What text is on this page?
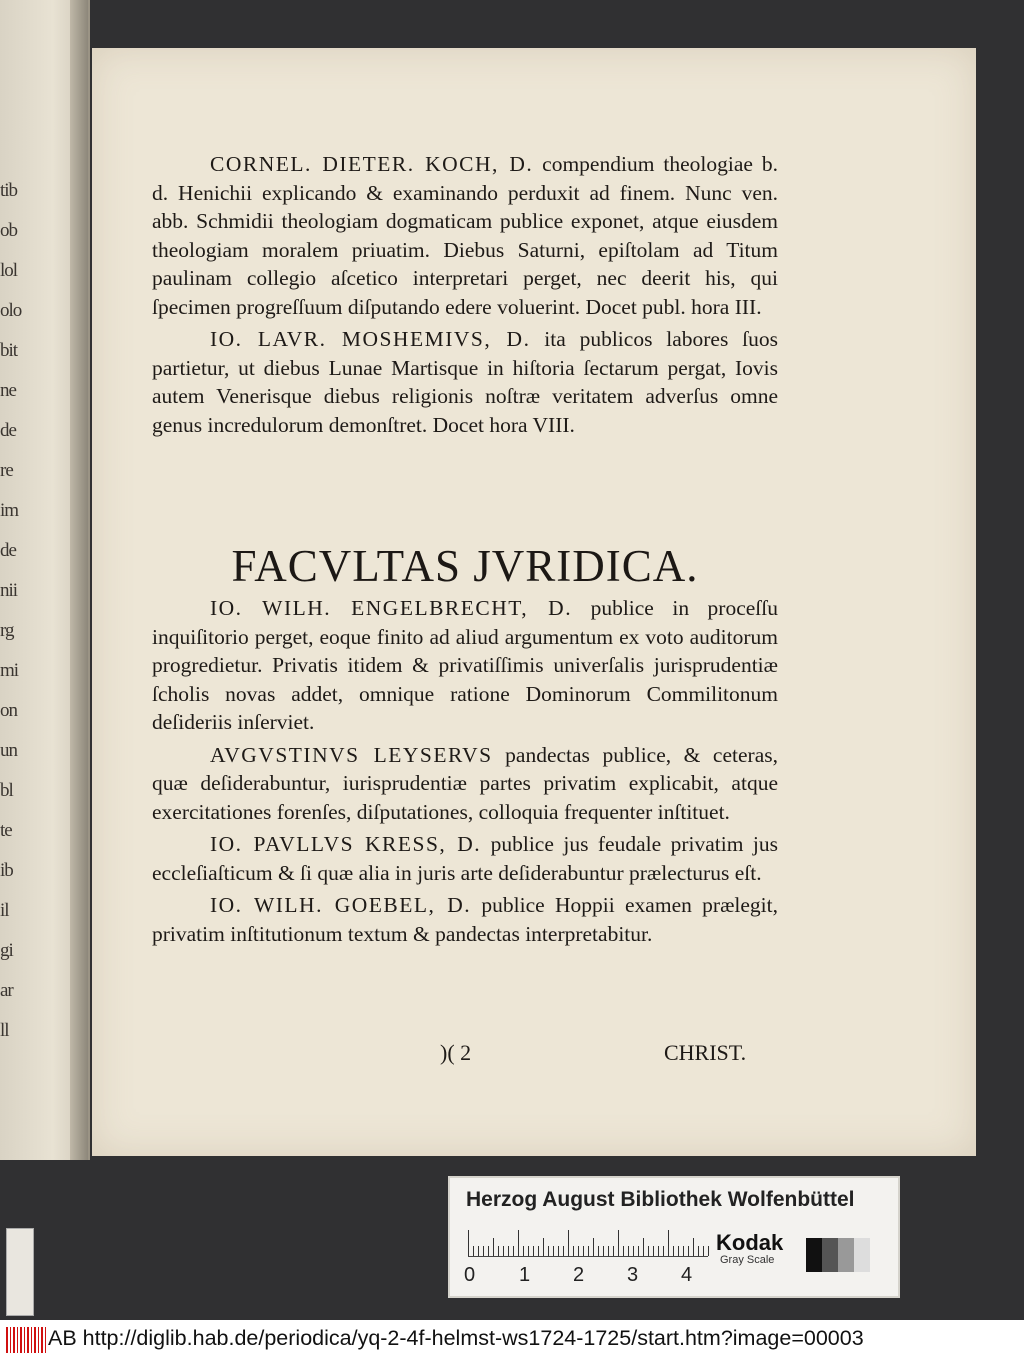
tib
ob
lol
olo
bit
ne
de
re
im
de
nii
rg
mi
on
un
bl
te
ib
il
gi
ar
ll

CORNEL. DIETER. KOCH, D. compendium theologiae b. d. Henichii explicando & examinando perduxit ad finem. Nunc ven. abb. Schmidii theologiam dogmaticam publice exponet, atque eiusdem theologiam moralem priuatim. Diebus Saturni, epiſtolam ad Titum paulinam collegio aſcetico interpretari perget, nec deerit his, qui ſpecimen progreſſuum diſputando edere voluerint. Docet publ. hora III.

IO. LAVR. MOSHEMIVS, D. ita publicos labores ſuos partietur, ut diebus Lunae Martisque in hiſtoria ſectarum pergat, Iovis autem Venerisque diebus religionis noſtræ veritatem adverſus omne genus incredulorum demonſtret. Docet hora VIII.

FACVLTAS JVRIDICA.

IO. WILH. ENGELBRECHT, D. publice in proceſſu inquiſitorio perget, eoque finito ad aliud argumentum ex voto auditorum progredietur. Privatis itidem & privatiſſimis univerſalis jurisprudentiæ ſcholis novas addet, omnique ratione Dominorum Commilitonum deſideriis inſerviet.

AVGVSTINVS LEYSERVS pandectas publice, & ceteras, quæ deſiderabuntur, iurisprudentiæ partes privatim explicabit, atque exercitationes forenſes, diſputationes, colloquia frequenter inſtituet.

IO. PAVLLVS KRESS, D. publice jus feudale privatim jus eccleſiaſticum & ſi quæ alia in juris arte deſiderabuntur prælecturus eſt.

IO. WILH. GOEBEL, D. publice Hoppii examen prælegit, privatim inſtitutionum textum & pandectas interpretabitur.

)( 2	CHRIST.
Herzog August Bibliothek Wolfenbüttel
0 1 2 3 4
Kodak
Gray Scale
AB http://diglib.hab.de/periodica/yq-2-4f-helmst-ws1724-1725/start.htm?image=00003
